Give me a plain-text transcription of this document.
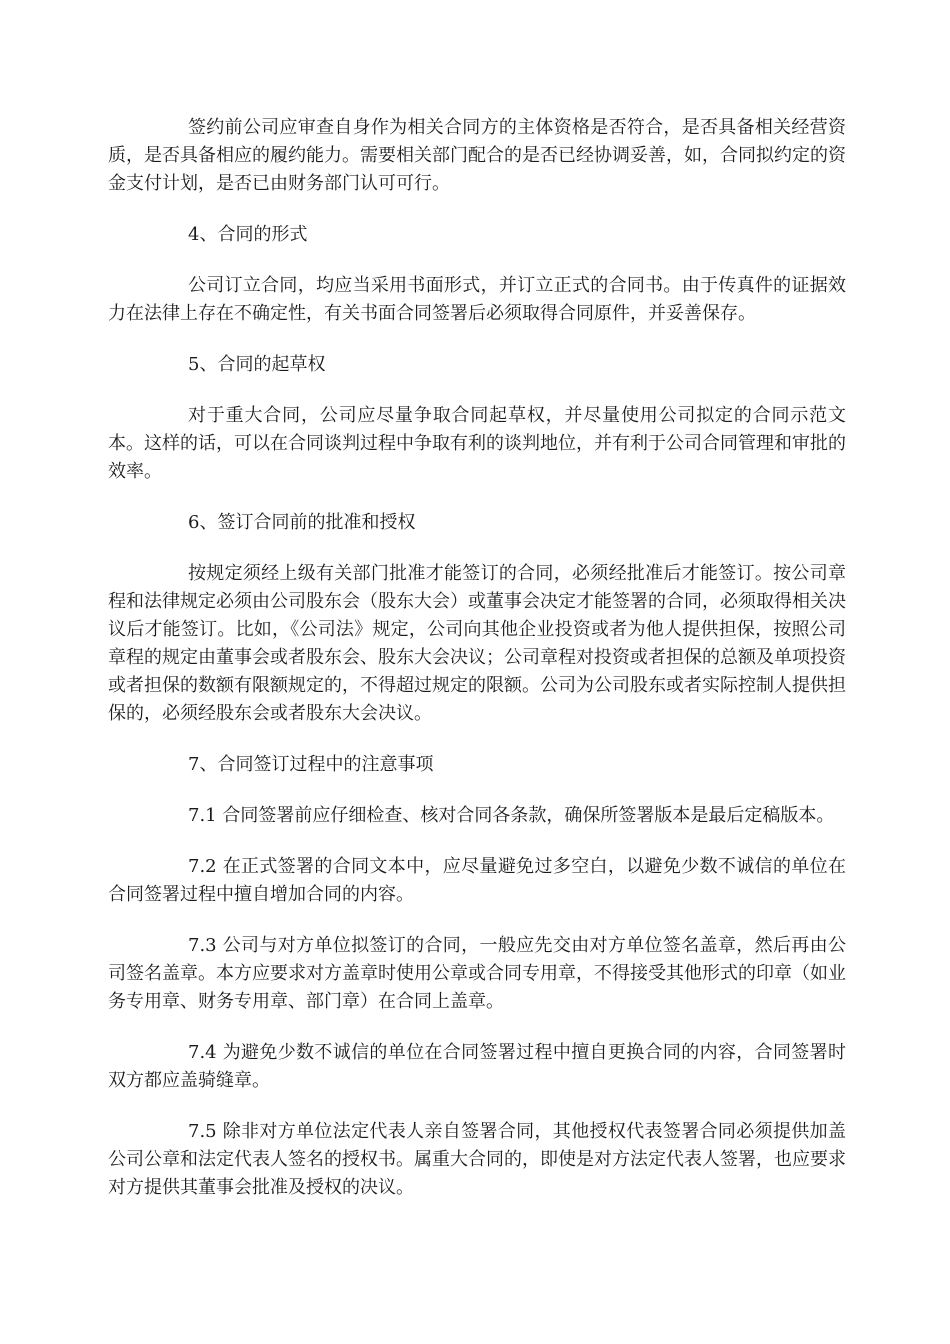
签约前公司应审查自身作为相关合同方的主体资格是否符合，是否具备相关经营资质，是否具备相应的履约能力。需要相关部门配合的是否已经协调妥善，如，合同拟约定的资金支付计划，是否已由财务部门认可可行。

4、合同的形式

公司订立合同，均应当采用书面形式，并订立正式的合同书。由于传真件的证据效力在法律上存在不确定性，有关书面合同签署后必须取得合同原件，并妥善保存。

5、合同的起草权

对于重大合同，公司应尽量争取合同起草权，并尽量使用公司拟定的合同示范文本。这样的话，可以在合同谈判过程中争取有利的谈判地位，并有利于公司合同管理和审批的效率。

6、签订合同前的批准和授权

按规定须经上级有关部门批准才能签订的合同，必须经批准后才能签订。按公司章程和法律规定必须由公司股东会（股东大会）或董事会决定才能签署的合同，必须取得相关决议后才能签订。比如，《公司法》规定，公司向其他企业投资或者为他人提供担保，按照公司章程的规定由董事会或者股东会、股东大会决议；公司章程对投资或者担保的总额及单项投资或者担保的数额有限额规定的，不得超过规定的限额。公司为公司股东或者实际控制人提供担保的，必须经股东会或者股东大会决议。

7、合同签订过程中的注意事项

7.1 合同签署前应仔细检查、核对合同各条款，确保所签署版本是最后定稿版本。

7.2 在正式签署的合同文本中，应尽量避免过多空白，以避免少数不诚信的单位在合同签署过程中擅自增加合同的内容。

7.3 公司与对方单位拟签订的合同，一般应先交由对方单位签名盖章，然后再由公司签名盖章。本方应要求对方盖章时使用公章或合同专用章，不得接受其他形式的印章（如业务专用章、财务专用章、部门章）在合同上盖章。

7.4 为避免少数不诚信的单位在合同签署过程中擅自更换合同的内容，合同签署时双方都应盖骑缝章。

7.5 除非对方单位法定代表人亲自签署合同，其他授权代表签署合同必须提供加盖公司公章和法定代表人签名的授权书。属重大合同的，即使是对方法定代表人签署，也应要求对方提供其董事会批准及授权的决议。
